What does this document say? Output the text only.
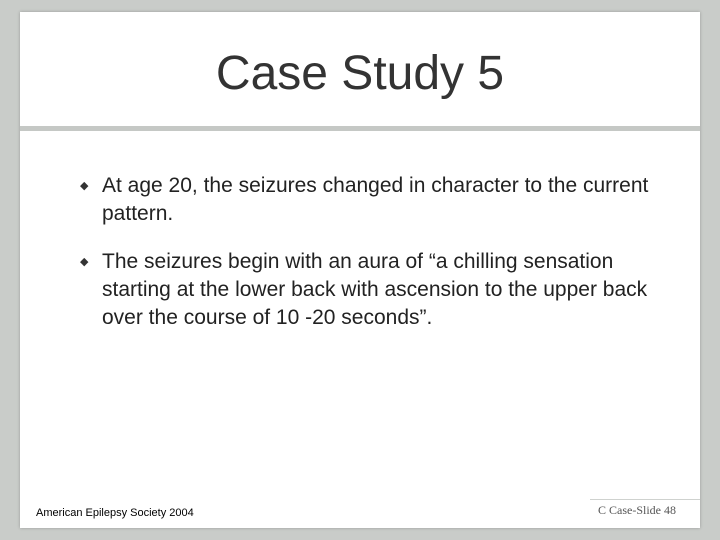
Case Study 5
◆ At age 20, the seizures changed in character to the current pattern.
◆ The seizures begin with an aura of “a chilling sensation starting at the lower back with ascension to the upper back over the course of 10 -20 seconds”.
American Epilepsy Society 2004	C Case-Slide 48
